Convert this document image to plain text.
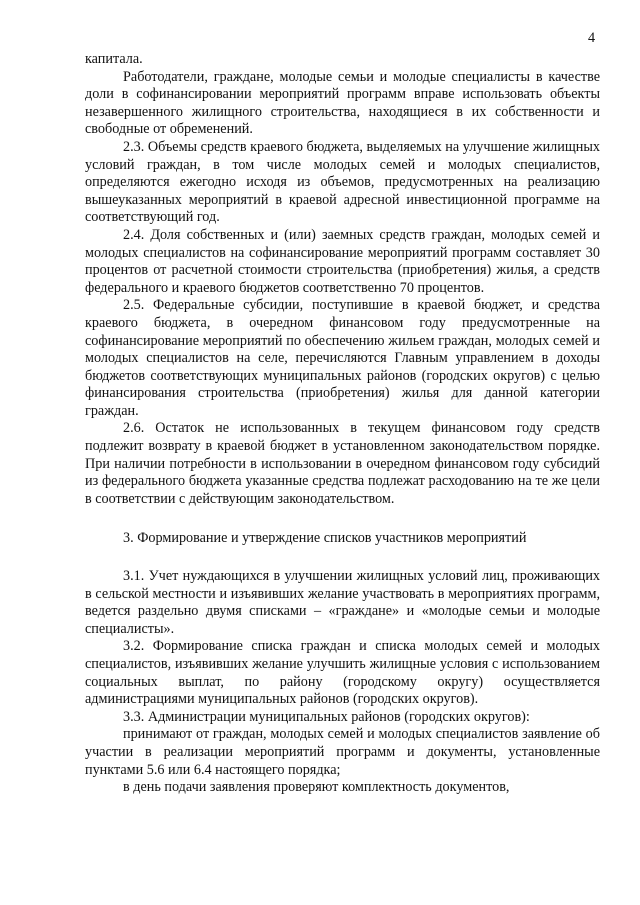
4

капитала.

Работодатели, граждане, молодые семьи и молодые специалисты в качестве доли в софинансировании мероприятий программ вправе использовать объекты незавершенного жилищного строительства, находящиеся в их собственности и свободные от обременений.

2.3. Объемы средств краевого бюджета, выделяемых на улучшение жилищных условий граждан, в том числе молодых семей и молодых специалистов, определяются ежегодно исходя из объемов, предусмотренных на реализацию вышеуказанных мероприятий в краевой адресной инвестиционной программе на соответствующий год.

2.4. Доля собственных и (или) заемных средств граждан, молодых семей и молодых специалистов на софинансирование мероприятий программ составляет 30 процентов от расчетной стоимости строительства (приобретения) жилья, а средств федерального и краевого бюджетов соответственно 70 процентов.

2.5. Федеральные субсидии, поступившие в краевой бюджет, и средства краевого бюджета, в очередном финансовом году предусмотренные на софинансирование мероприятий по обеспечению жильем граждан, молодых семей и молодых специалистов на селе, перечисляются Главным управлением в доходы бюджетов соответствующих муниципальных районов (городских округов) с целью финансирования строительства (приобретения) жилья для данной категории граждан.

2.6. Остаток не использованных в текущем финансовом году средств подлежит возврату в краевой бюджет в установленном законодательством порядке. При наличии потребности в использовании в очередном финансовом году субсидий из федерального бюджета указанные средства подлежат расходованию на те же цели в соответствии с действующим законодательством.

3. Формирование и утверждение списков участников мероприятий

3.1. Учет нуждающихся в улучшении жилищных условий лиц, проживающих в сельской местности и изъявивших желание участвовать в мероприятиях программ, ведется раздельно двумя списками – «граждане» и «молодые семьи и молодые специалисты».

3.2. Формирование списка граждан и списка молодых семей и молодых специалистов, изъявивших желание улучшить жилищные условия с использованием социальных выплат, по району (городскому округу) осуществляется администрациями муниципальных районов (городских округов).

3.3. Администрации муниципальных районов (городских округов):

принимают от граждан, молодых семей и молодых специалистов заявление об участии в реализации мероприятий программ и документы, установленные пунктами 5.6 или 6.4 настоящего порядка;

в день подачи заявления проверяют комплектность документов,
